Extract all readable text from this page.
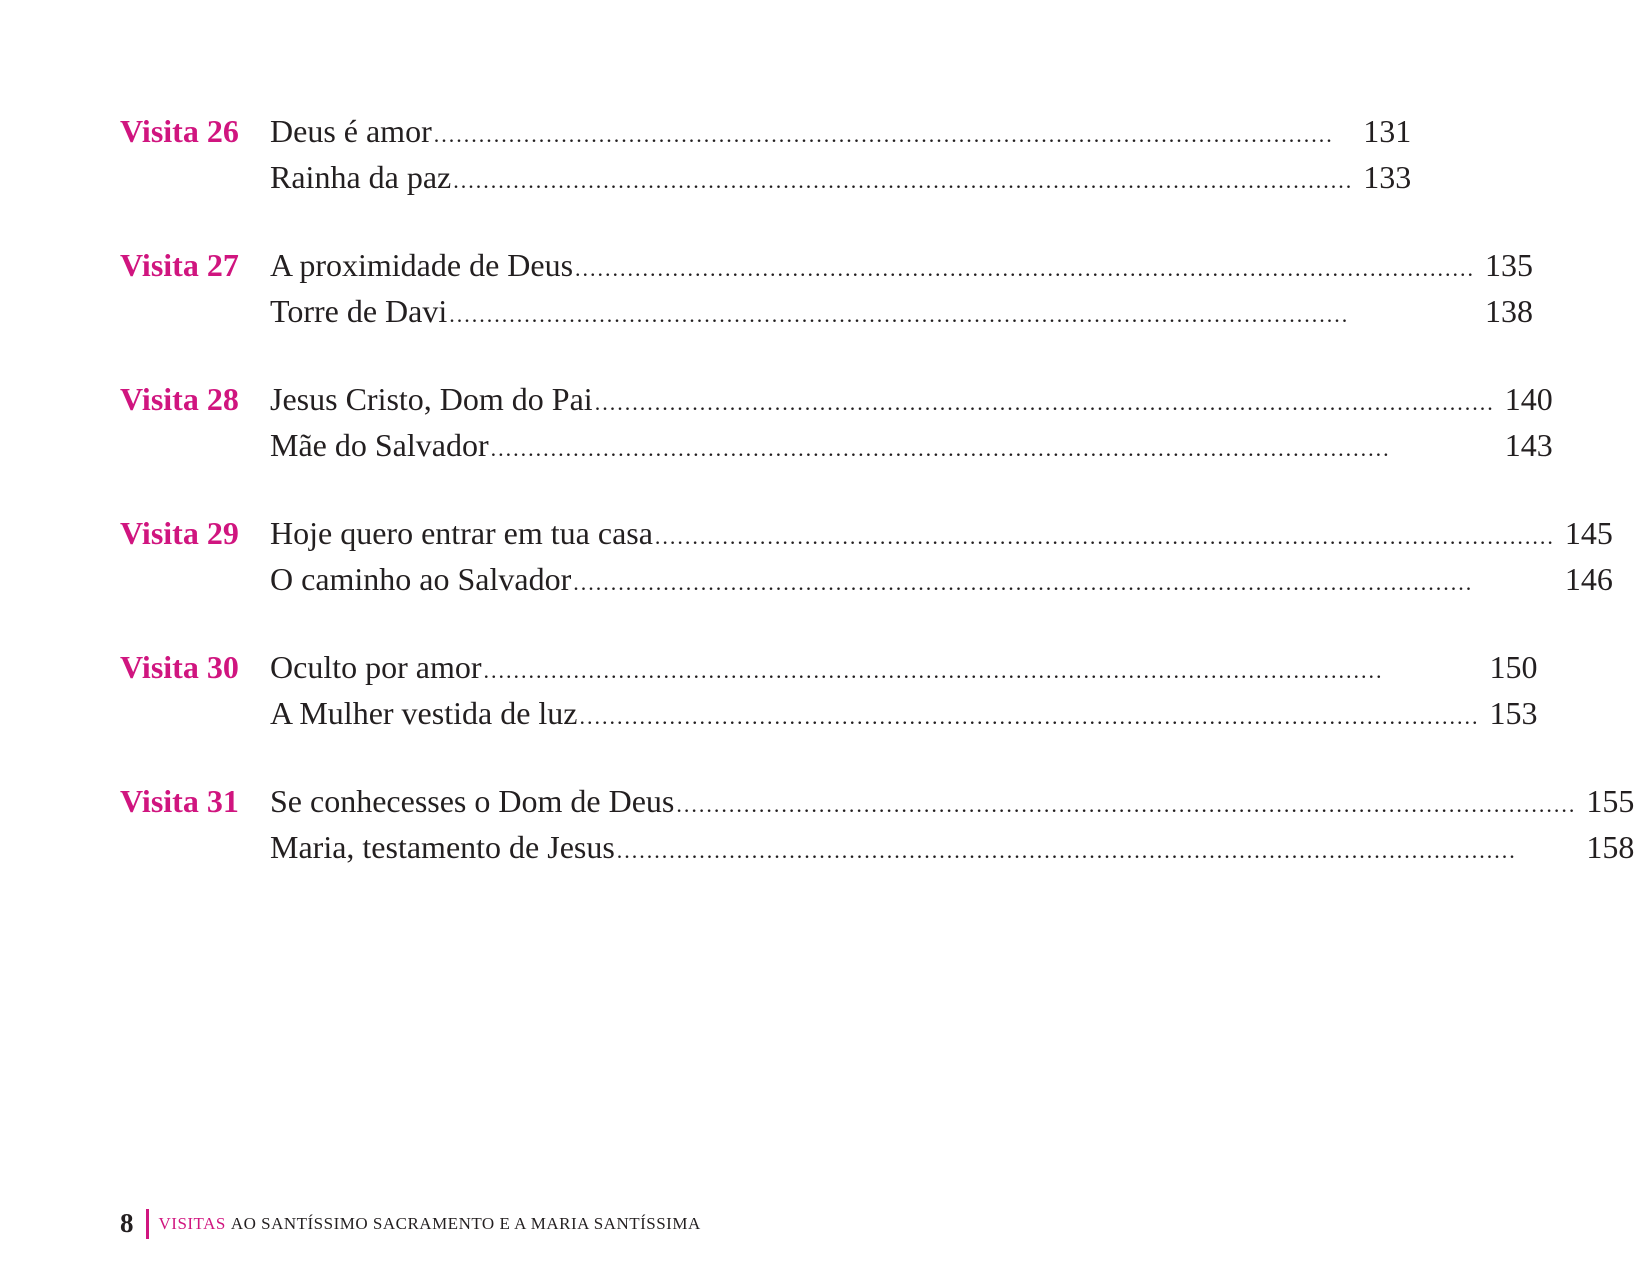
Visita 26 Deus é amor .....	131
Rainha da paz .....	133
Visita 27 A proximidade de Deus .....	135
Torre de Davi .....	138
Visita 28 Jesus Cristo, Dom do Pai .....	140
Mãe do Salvador .....	143
Visita 29 Hoje quero entrar em tua casa .....	145
O caminho ao Salvador .....	146
Visita 30 Oculto por amor .....	150
A Mulher vestida de luz .....	153
Visita 31 Se conhecesses o Dom de Deus .....	155
Maria, testamento de Jesus .....	158
8 VISITAS AO SANTÍSSIMO SACRAMENTO E A MARIA SANTÍSSIMA
